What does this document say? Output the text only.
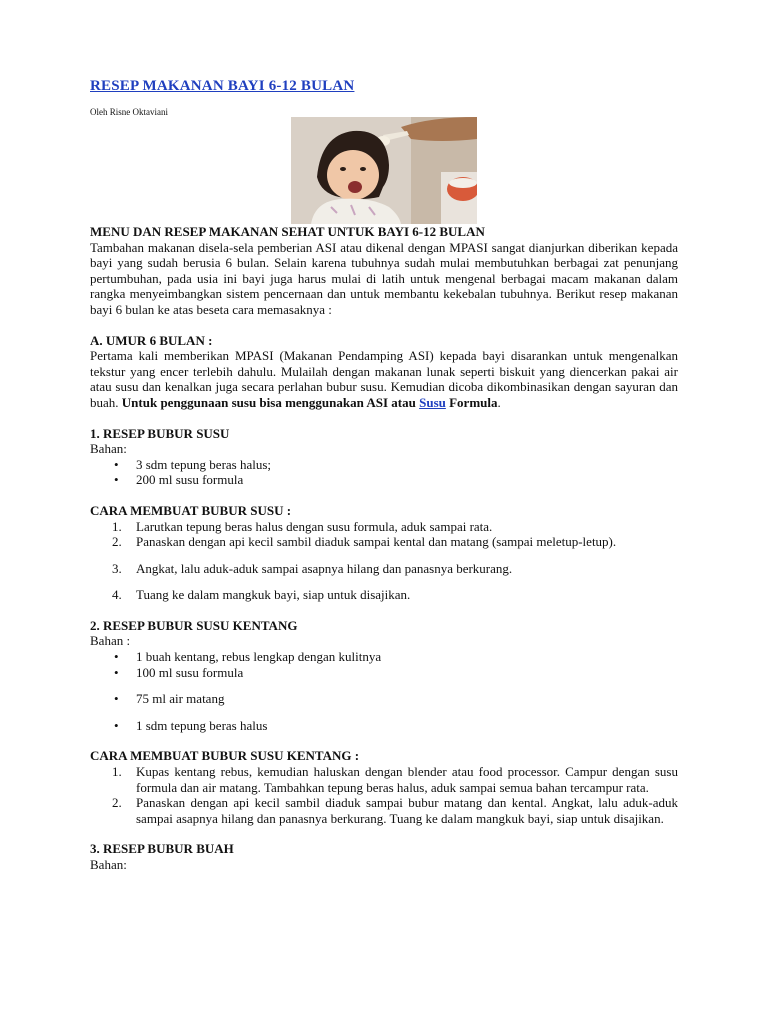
RESEP MAKANAN BAYI 6-12 BULAN
Oleh Risne Oktaviani
MENU DAN RESEP MAKANAN SEHAT UNTUK BAYI 6-12 BULAN

Tambahan makanan disela-sela pemberian ASI atau dikenal dengan MPASI sangat dianjurkan diberikan kepada bayi yang sudah berusia 6 bulan. Selain karena tubuhnya sudah mulai membutuhkan berbagai zat penunjang pertumbuhan, pada usia ini bayi juga harus mulai di latih untuk mengenal berbagai macam makanan dalam rangka menyeimbangkan sistem pencernaan dan untuk membantu kekebalan tubuhnya. Berikut resep makanan bayi 6 bulan ke atas beseta cara memasaknya :

A. UMUR 6 BULAN :

Pertama kali memberikan MPASI (Makanan Pendamping ASI) kepada bayi disarankan untuk mengenalkan tekstur yang encer terlebih dahulu. Mulailah dengan makanan lunak seperti biskuit yang diencerkan pakai air atau susu dan kenalkan juga secara perlahan bubur susu. Kemudian dicoba dikombinasikan dengan sayuran dan buah. Untuk penggunaan susu bisa menggunakan ASI atau Susu Formula.

1. RESEP BUBUR SUSU
Bahan:
• 3 sdm tepung beras halus;
• 200 ml susu formula
CARA MEMBUAT BUBUR SUSU :
1. Larutkan tepung beras halus dengan susu formula, aduk sampai rata.
2. Panaskan dengan api kecil sambil diaduk sampai kental dan matang (sampai meletup-letup).
3. Angkat, lalu aduk-aduk sampai asapnya hilang dan panasnya berkurang.
4. Tuang ke dalam mangkuk bayi, siap untuk disajikan.
2. RESEP BUBUR SUSU KENTANG
Bahan :
• 1 buah kentang, rebus lengkap dengan kulitnya
• 100 ml susu formula
• 75 ml air matang
• 1 sdm tepung beras halus
CARA MEMBUAT BUBUR SUSU KENTANG :
1. Kupas kentang rebus, kemudian haluskan dengan blender atau food processor. Campur dengan susu formula dan air matang. Tambahkan tepung beras halus, aduk sampai semua bahan tercampur rata.
2. Panaskan dengan api kecil sambil diaduk sampai bubur matang dan kental. Angkat, lalu aduk-aduk sampai asapnya hilang dan panasnya berkurang. Tuang ke dalam mangkuk bayi, siap untuk disajikan.
3. RESEP BUBUR BUAH
Bahan:
